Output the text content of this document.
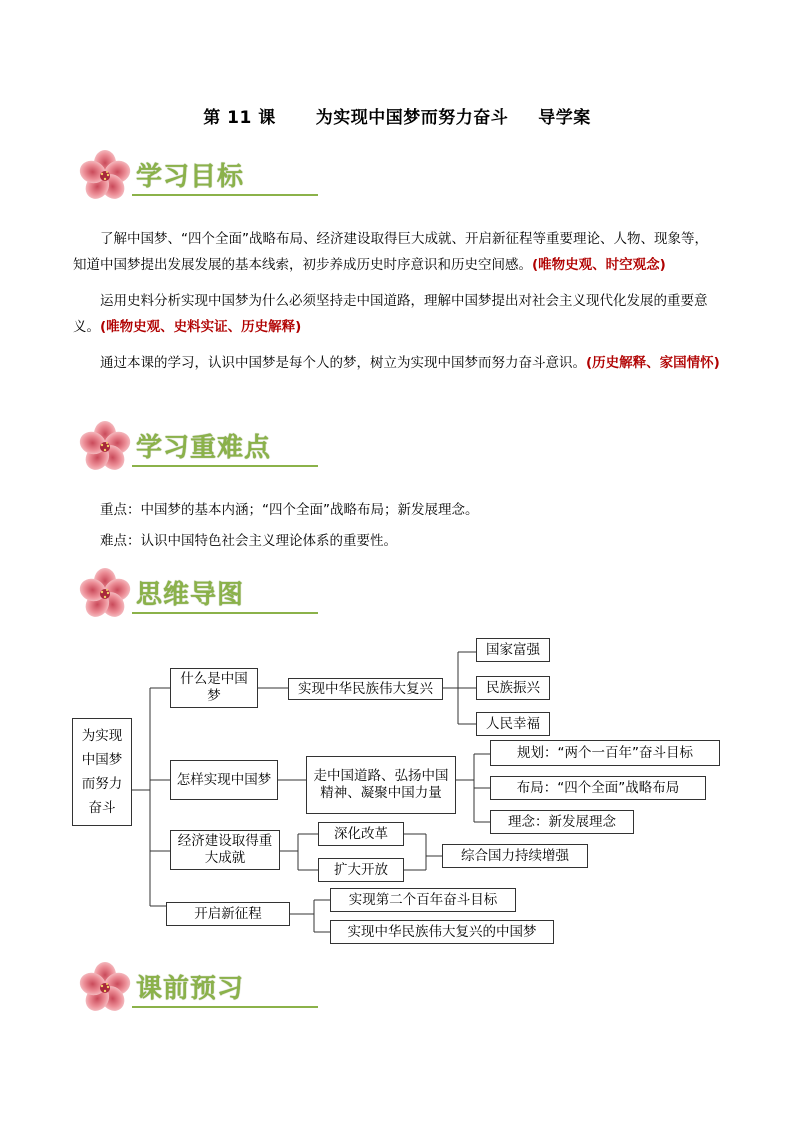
第 11 课 为实现中国梦而努力奋斗 导学案
学习目标
了解中国梦、“四个全面”战略布局、经济建设取得巨大成就、开启新征程等重要理论、人物、现象等，知道中国梦提出发展发展的基本线索，初步养成历史时序意识和历史空间感。(唯物史观、时空观念)
运用史料分析实现中国梦为什么必须坚持走中国道路，理解中国梦提出对社会主义现代化发展的重要意义。(唯物史观、史料实证、历史解释)
通过本课的学习，认识中国梦是每个人的梦，树立为实现中国梦而努力奋斗意识。(历史解释、家国情怀)
学习重难点
重点：中国梦的基本内涵；“四个全面”战略布局；新发展理念。
难点：认识中国特色社会主义理论体系的重要性。
思维导图
为实现中国梦而努力奋斗
什么是中国梦	实现中华民族伟大复兴
国家富强
民族振兴
人民幸福
怎样实现中国梦	走中国道路、弘扬中国精神、凝聚中国力量
规划：“两个一百年”奋斗目标
布局：“四个全面”战略布局
理念：新发展理念
经济建设取得重大成就
深化改革
扩大开放
综合国力持续增强
开启新征程
实现第二个百年奋斗目标
实现中华民族伟大复兴的中国梦
课前预习
